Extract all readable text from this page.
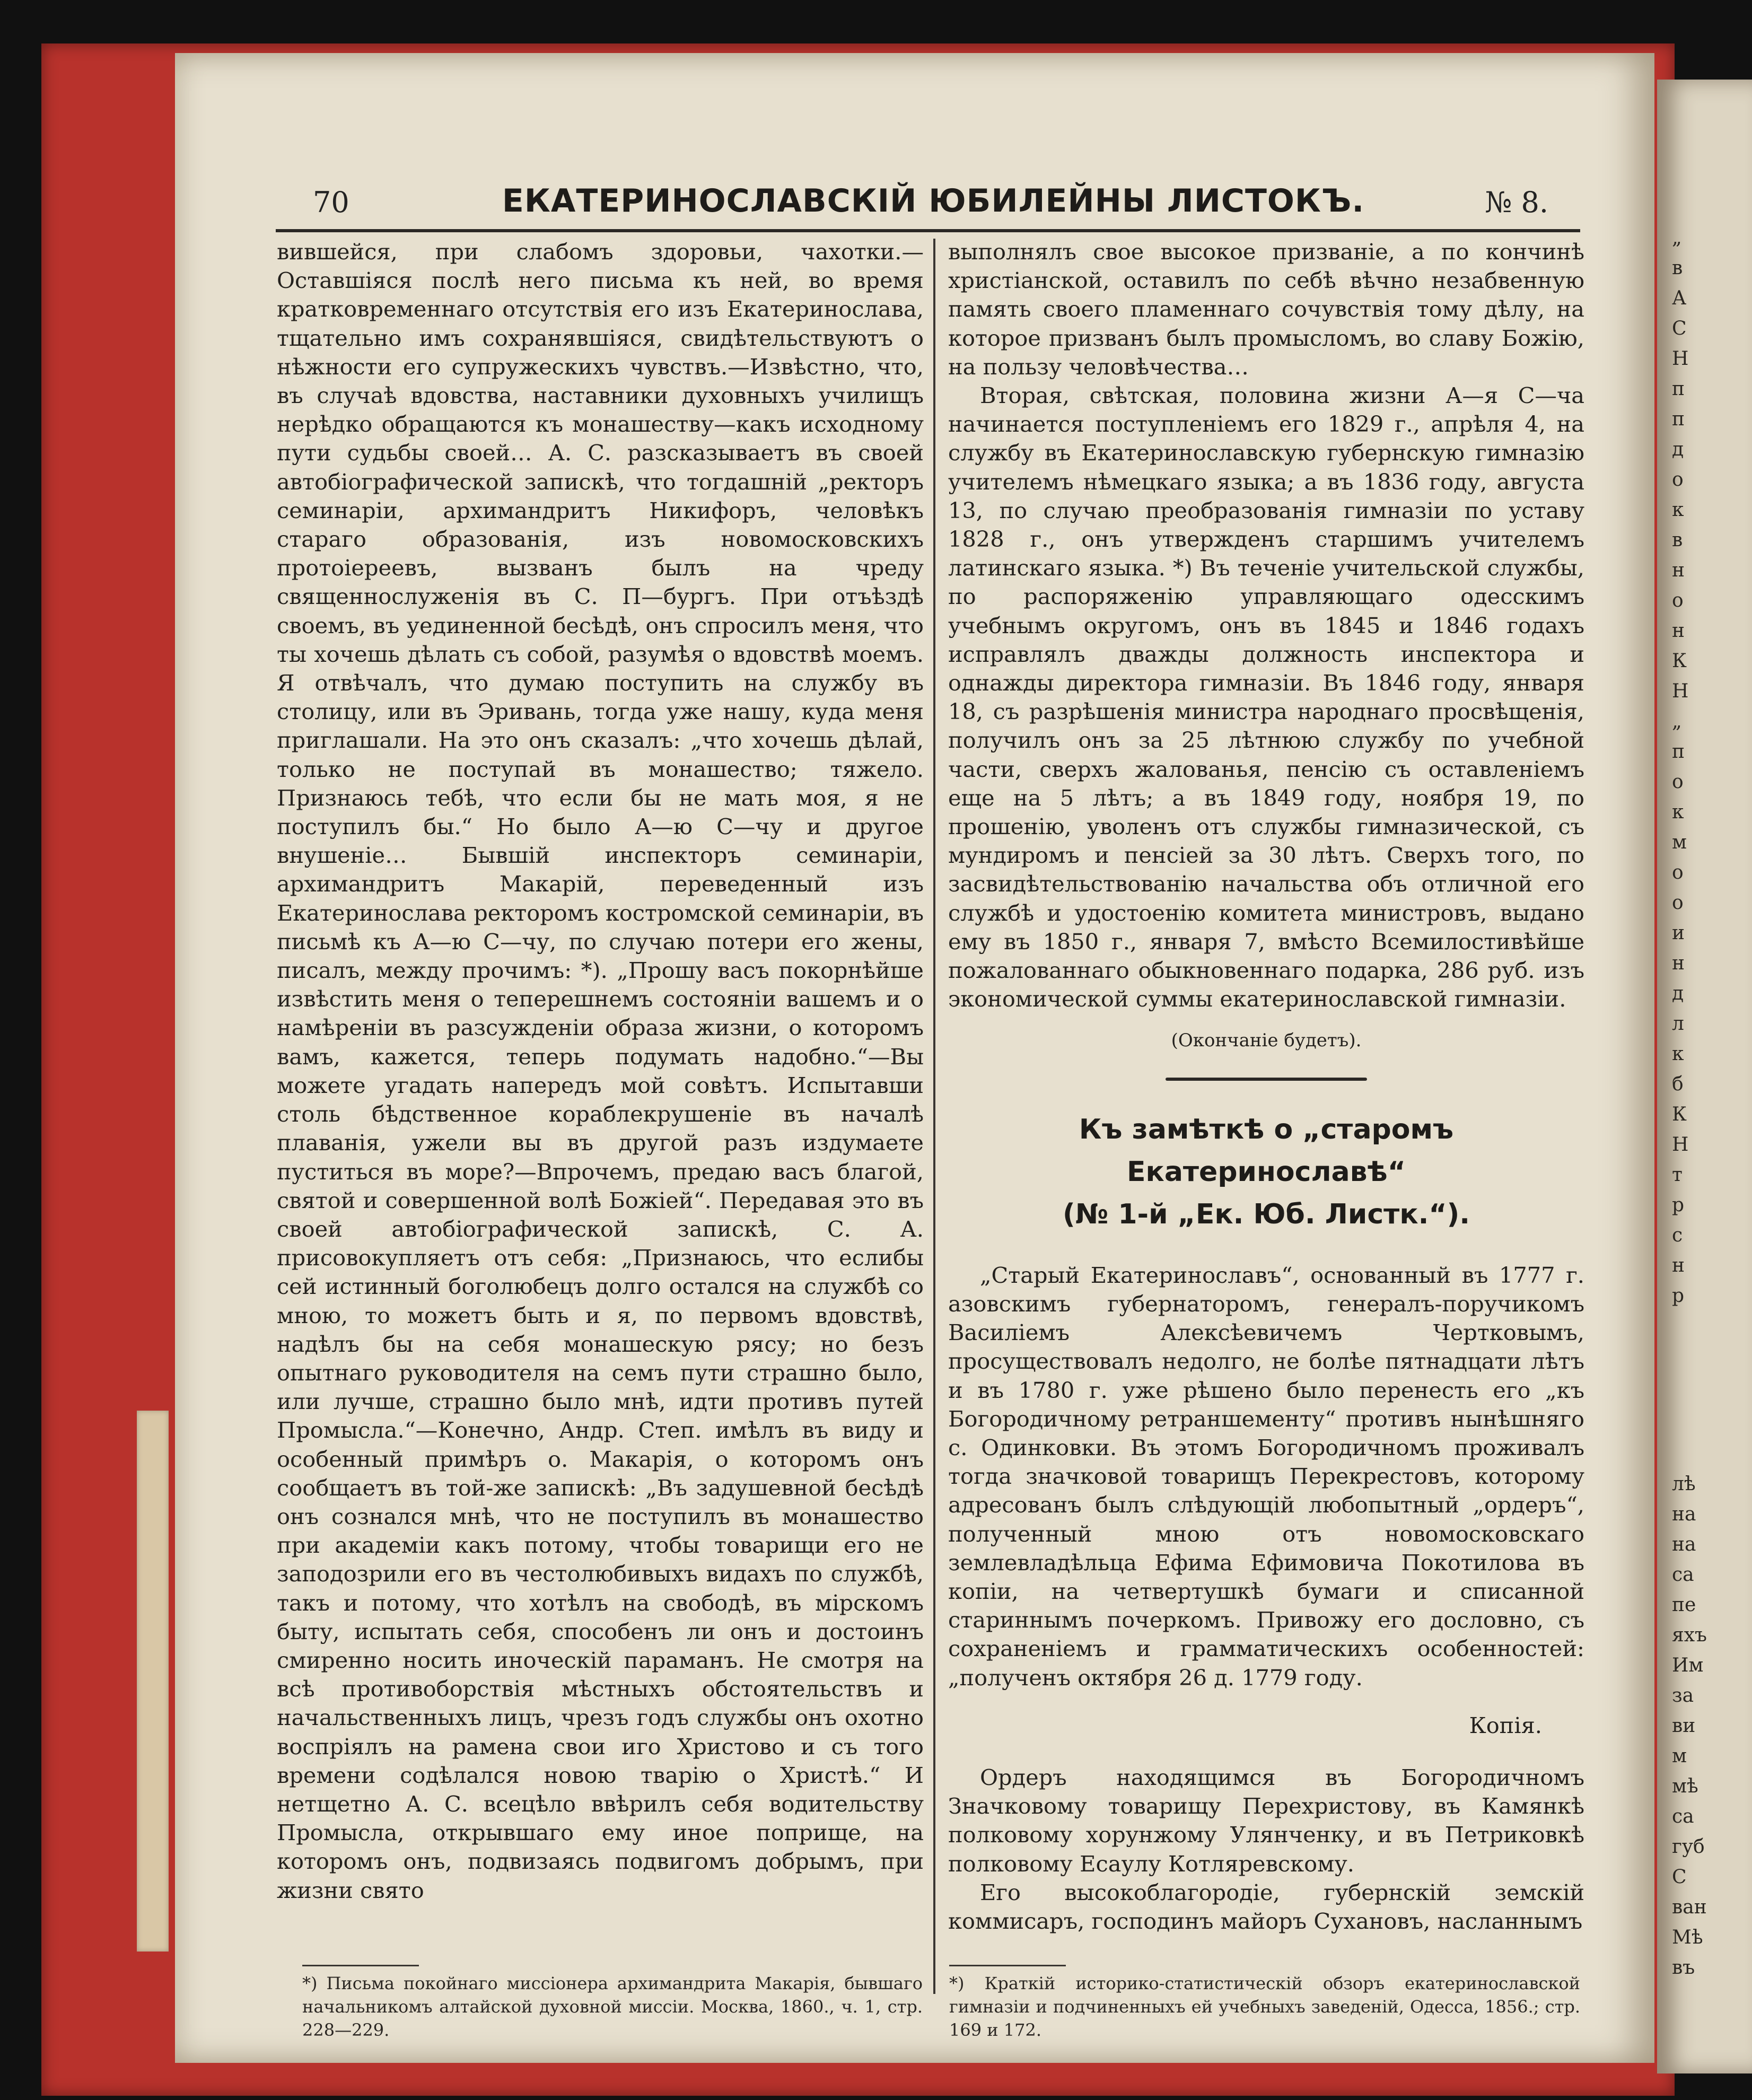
„
в
А
С
Н
п
п
д
о
к
в
н
о
н
К
Н
„
п
о
к
м
о
о
и
н
д
л
к
б
К
Н
т
р
с
н
р
лѣ
на
на
са
пе
яхъ
Им
за
ви
м
мѣ
са
губ
С
ван
Мѣ
въ
70	ЕКАТЕРИНОСЛАВСКІЙ ЮБИЛЕЙНЫ ЛИСТОКЪ.	№ 8.

вившейся, при слабомъ здоровьи, чахотки.—Оставшіяся послѣ него письма къ ней, во время кратковременнаго отсутствія его изъ Екатеринослава, тщательно имъ сохранявшіяся, свидѣтельствуютъ о нѣжности его супружескихъ чувствъ.—Извѣстно, что, въ случаѣ вдовства, наставники духовныхъ училищъ нерѣдко обращаются къ монашеству—какъ исходному пути судьбы своей… А. С. разсказываетъ въ своей автобіографической запискѣ, что тогдашній „ректоръ семинаріи, архимандритъ Никифоръ, человѣкъ стараго образованія, изъ новомосковскихъ протоіереевъ, вызванъ былъ на чреду священнослуженія въ С. П—бургъ. При отъѣздѣ своемъ, въ уединенной бесѣдѣ, онъ спросилъ меня, что ты хочешь дѣлать съ собой, разумѣя о вдовствѣ моемъ. Я отвѣчалъ, что думаю поступить на службу въ столицу, или въ Эривань, тогда уже нашу, куда меня приглашали. На это онъ сказалъ: „что хочешь дѣлай, только не поступай въ монашество; тяжело. Признаюсь тебѣ, что если бы не мать моя, я не поступилъ бы.“ Но было А—ю С—чу и другое внушеніе… Бывшій инспекторъ семинаріи, архимандритъ Макарій, переведенный изъ Екатеринослава ректоромъ костромской семинаріи, въ письмѣ къ А—ю С—чу, по случаю потери его жены, писалъ, между прочимъ: *). „Прошу васъ покорнѣйше извѣстить меня о теперешнемъ состояніи вашемъ и о намѣреніи въ разсужденіи образа жизни, о которомъ вамъ, кажется, теперь подумать надобно.“—Вы можете угадать напередъ мой совѣтъ. Испытавши столь бѣдственное кораблекрушеніе въ началѣ плаванія, ужели вы въ другой разъ издумаете пуститься въ море?—Впрочемъ, предаю васъ благой, святой и совершенной волѣ Божіей“. Передавая это въ своей автобіографической запискѣ, С. А. присовокупляетъ отъ себя: „Признаюсь, что еслибы сей истинный боголюбецъ долго остался на службѣ со мною, то можетъ быть и я, по первомъ вдовствѣ, надѣлъ бы на себя монашескую рясу; но безъ опытнаго руководителя на семъ пути страшно было, или лучше, страшно было мнѣ, идти противъ путей Промысла.“—Конечно, Андр. Степ. имѣлъ въ виду и особенный примѣръ о. Макарія, о которомъ онъ сообщаетъ въ той-же запискѣ: „Въ задушевной бесѣдѣ онъ сознался мнѣ, что не поступилъ въ монашество при академіи какъ потому, чтобы товарищи его не заподозрили его въ честолюбивыхъ видахъ по службѣ, такъ и потому, что хотѣлъ на свободѣ, въ мірскомъ быту, испытать себя, способенъ ли онъ и достоинъ смиренно носить иноческій параманъ. Не смотря на всѣ противоборствія мѣстныхъ обстоятельствъ и начальственныхъ лицъ, чрезъ годъ службы онъ охотно воспріялъ на рамена свои иго Христово и съ того времени содѣлался новою тварію о Христѣ.“ И нетщетно А. С. всецѣло ввѣрилъ себя водительству Промысла, открывшаго ему иное поприще, на которомъ онъ, подвизаясь подвигомъ добрымъ, при жизни свято

выполнялъ свое высокое призваніе, а по кончинѣ христіанской, оставилъ по себѣ вѣчно незабвенную память своего пламеннаго сочувствія тому дѣлу, на которое призванъ былъ промысломъ, во славу Божію, на пользу человѣчества…

Вторая, свѣтская, половина жизни А—я С—ча начинается поступленіемъ его 1829 г., апрѣля 4, на службу въ Екатеринославскую губернскую гимназію учителемъ нѣмецкаго языка; а въ 1836 году, августа 13, по случаю преобразованія гимназіи по уставу 1828 г., онъ утвержденъ старшимъ учителемъ латинскаго языка. *) Въ теченіе учительской службы, по распоряженію управляющаго одесскимъ учебнымъ округомъ, онъ въ 1845 и 1846 годахъ исправлялъ дважды должность инспектора и однажды директора гимназіи. Въ 1846 году, января 18, съ разрѣшенія министра народнаго просвѣщенія, получилъ онъ за 25 лѣтнюю службу по учебной части, сверхъ жалованья, пенсію съ оставленіемъ еще на 5 лѣтъ; а въ 1849 году, ноября 19, по прошенію, уволенъ отъ службы гимназической, съ мундиромъ и пенсіей за 30 лѣтъ. Сверхъ того, по засвидѣтельствованію начальства объ отличной его службѣ и удостоенію комитета министровъ, выдано ему въ 1850 г., января 7, вмѣсто Всемилостивѣйше пожалованнаго обыкновеннаго подарка, 286 руб. изъ экономической суммы екатеринославской гимназіи.

(Окончаніе будетъ).

Къ замѣткѣ о „старомъ Екатеринославѣ“
(№ 1-й „Ек. Юб. Листк.“).

„Старый Екатеринославъ“, основанный въ 1777 г. азовскимъ губернаторомъ, генералъ-поручикомъ Василіемъ Алексѣевичемъ Чертковымъ, просуществовалъ недолго, не болѣе пятнадцати лѣтъ и въ 1780 г. уже рѣшено было перенесть его „къ Богородичному ретраншементу“ противъ нынѣшняго с. Одинковки. Въ этомъ Богородичномъ проживалъ тогда значковой товарищъ Перекрестовъ, которому адресованъ былъ слѣдующій любопытный „ордеръ“, полученный мною отъ новомосковскаго землевладѣльца Ефима Ефимовича Покотилова въ копіи, на четвертушкѣ бумаги и списанной стариннымъ почеркомъ. Привожу его дословно, съ сохраненіемъ и грамматическихъ особенностей: „полученъ октября 26 д. 1779 году.

Копія.

Ордеръ находящимся въ Богородичномъ Значковому товарищу Перехристову, въ Камянкѣ полковому хорунжому Улянченку, и въ Петриковкѣ полковому Есаулу Котляревскому.

Его высокоблагородіе, губернскій земскій коммисаръ, господинъ майоръ Сухановъ, насланнымъ

*) Письма покойнаго миссіонера архимандрита Макарія, бывшаго начальникомъ алтайской духовной миссіи. Москва, 1860., ч. 1, стр. 228—229.
*) Краткій историко-статистическій обзоръ екатеринославской гимназіи и подчиненныхъ ей учебныхъ заведеній, Одесса, 1856.; стр. 169 и 172.
